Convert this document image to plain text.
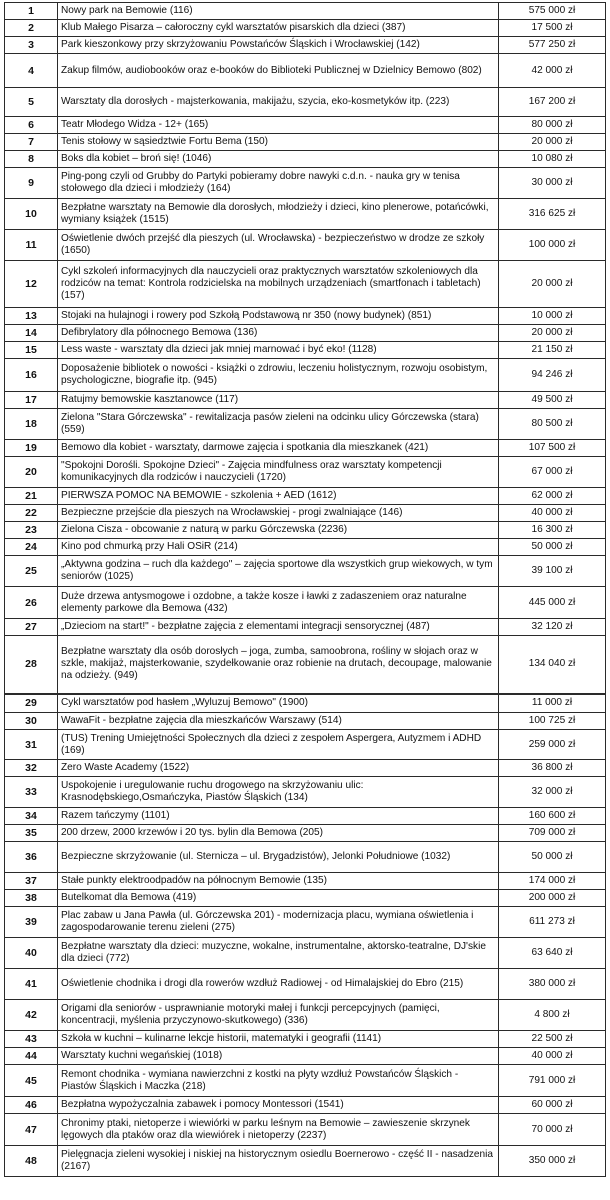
1	Nowy park na Bemowie (116)	575 000 zł
2	Klub Małego Pisarza – całoroczny cykl warsztatów pisarskich dla dzieci (387)	17 500 zł
3	Park kieszonkowy przy skrzyżowaniu Powstańców Śląskich i Wrocławskiej (142)	577 250 zł
4	Zakup filmów, audiobooków oraz e-booków do Biblioteki Publicznej w Dzielnicy Bemowo (802)	42 000 zł
5	Warsztaty dla dorosłych - majsterkowania, makijażu, szycia, eko-kosmetyków itp. (223)	167 200 zł
6	Teatr Młodego Widza - 12+ (165)	80 000 zł
7	Tenis stołowy w sąsiedztwie Fortu Bema (150)	20 000 zł
8	Boks dla kobiet – broń się! (1046)	10 080 zł
9	Ping-pong czyli od Grubby do Partyki pobieramy dobre nawyki c.d.n. - nauka gry w tenisa stołowego dla dzieci i młodzieży (164)	30 000 zł
10	Bezpłatne warsztaty na Bemowie dla dorosłych, młodzieży i dzieci, kino plenerowe, potańcówki, wymiany książek (1515)	316 625 zł
11	Oświetlenie dwóch przejść dla pieszych (ul. Wrocławska) - bezpieczeństwo w drodze ze szkoły (1650)	100 000 zł
12	Cykl szkoleń informacyjnych dla nauczycieli oraz praktycznych warsztatów szkoleniowych dla rodziców na temat: Kontrola rodzicielska na mobilnych urządzeniach (smartfonach i tabletach) (157)	20 000 zł
13	Stojaki na hulajnogi i rowery pod Szkołą Podstawową nr 350 (nowy budynek) (851)	10 000 zł
14	Defibrylatory dla północnego Bemowa (136)	20 000 zł
15	Less waste - warsztaty dla dzieci jak mniej marnować i być eko! (1128)	21 150 zł
16	Doposażenie bibliotek o nowości - książki o zdrowiu, leczeniu holistycznym, rozwoju osobistym, psychologiczne, biografie itp. (945)	94 246 zł
17	Ratujmy bemowskie kasztanowce (117)	49 500 zł
18	Zielona "Stara Górczewska" - rewitalizacja pasów zieleni na odcinku ulicy Górczewska (stara) (559)	80 500 zł
19	Bemowo dla kobiet - warsztaty, darmowe zajęcia i spotkania dla mieszkanek (421)	107 500 zł
20	"Spokojni Dorośli. Spokojne Dzieci" - Zajęcia mindfulness oraz warsztaty kompetencji komunikacyjnych dla rodziców i nauczycieli (1720)	67 000 zł
21	PIERWSZA POMOC NA BEMOWIE - szkolenia + AED (1612)	62 000 zł
22	Bezpieczne przejście dla pieszych na Wrocławskiej - progi zwalniające (146)	40 000 zł
23	Zielona Cisza - obcowanie z naturą w parku Górczewska (2236)	16 300 zł
24	Kino pod chmurką przy Hali OSiR (214)	50 000 zł
25	„Aktywna godzina – ruch dla każdego" – zajęcia sportowe dla wszystkich grup wiekowych, w tym seniorów (1025)	39 100 zł
26	Duże drzewa antysmogowe i ozdobne, a także kosze i ławki z zadaszeniem oraz naturalne elementy parkowe dla Bemowa (432)	445 000 zł
27	„Dzieciom na start!" - bezpłatne zajęcia z elementami integracji sensorycznej (487)	32 120 zł
28	Bezpłatne warsztaty dla osób dorosłych – joga, zumba, samoobrona, rośliny w słojach oraz w szkle, makijaż, majsterkowanie, szydełkowanie oraz robienie na drutach, decoupage, malowanie na odzieży. (949)	134 040 zł
29	Cykl warsztatów pod hasłem „Wyluzuj Bemowo" (1900)	11 000 zł
30	WawaFit - bezpłatne zajęcia dla mieszkańców Warszawy (514)	100 725 zł
31	(TUS) Trening Umiejętności Społecznych dla dzieci z zespołem Aspergera, Autyzmem i ADHD (169)	259 000 zł
32	Zero Waste Academy (1522)	36 800 zł
33	Uspokojenie i uregulowanie ruchu drogowego na skrzyżowaniu ulic: Krasnodębskiego,Osmańczyka, Piastów Śląskich (134)	32 000 zł
34	Razem tańczymy (1101)	160 600 zł
35	200 drzew, 2000 krzewów i 20 tys. bylin dla Bemowa (205)	709 000 zł
36	Bezpieczne skrzyżowanie (ul. Sternicza – ul. Brygadzistów), Jelonki Południowe (1032)	50 000 zł
37	Stałe punkty elektroodpadów na północnym Bemowie (135)	174 000 zł
38	Butelkomat dla Bemowa (419)	200 000 zł
39	Plac zabaw u Jana Pawła (ul. Górczewska 201) - modernizacja placu, wymiana oświetlenia i zagospodarowanie terenu zieleni (275)	611 273 zł
40	Bezpłatne warsztaty dla dzieci: muzyczne, wokalne, instrumentalne, aktorsko-teatralne, DJ'skie dla dzieci (772)	63 640 zł
41	Oświetlenie chodnika i drogi dla rowerów wzdłuż Radiowej - od Himalajskiej do Ebro (215)	380 000 zł
42	Origami dla seniorów - usprawnianie motoryki małej i funkcji percepcyjnych (pamięci, koncentracji, myślenia przyczynowo-skutkowego) (336)	4 800 zł
43	Szkoła w kuchni – kulinarne lekcje historii, matematyki i geografii (1141)	22 500 zł
44	Warsztaty kuchni wegańskiej (1018)	40 000 zł
45	Remont chodnika - wymiana nawierzchni z kostki na płyty wzdłuż Powstańców Śląskich - Piastów Śląskich i Maczka (218)	791 000 zł
46	Bezpłatna wypożyczalnia zabawek i pomocy Montessori (1541)	60 000 zł
47	Chronimy ptaki, nietoperze i wiewiórki w parku leśnym na Bemowie – zawieszenie skrzynek lęgowych dla ptaków oraz dla wiewiórek i nietoperzy (2237)	70 000 zł
48	Pielęgnacja zieleni wysokiej i niskiej na historycznym osiedlu Boernerowo - część II - nasadzenia (2167)	350 000 zł
